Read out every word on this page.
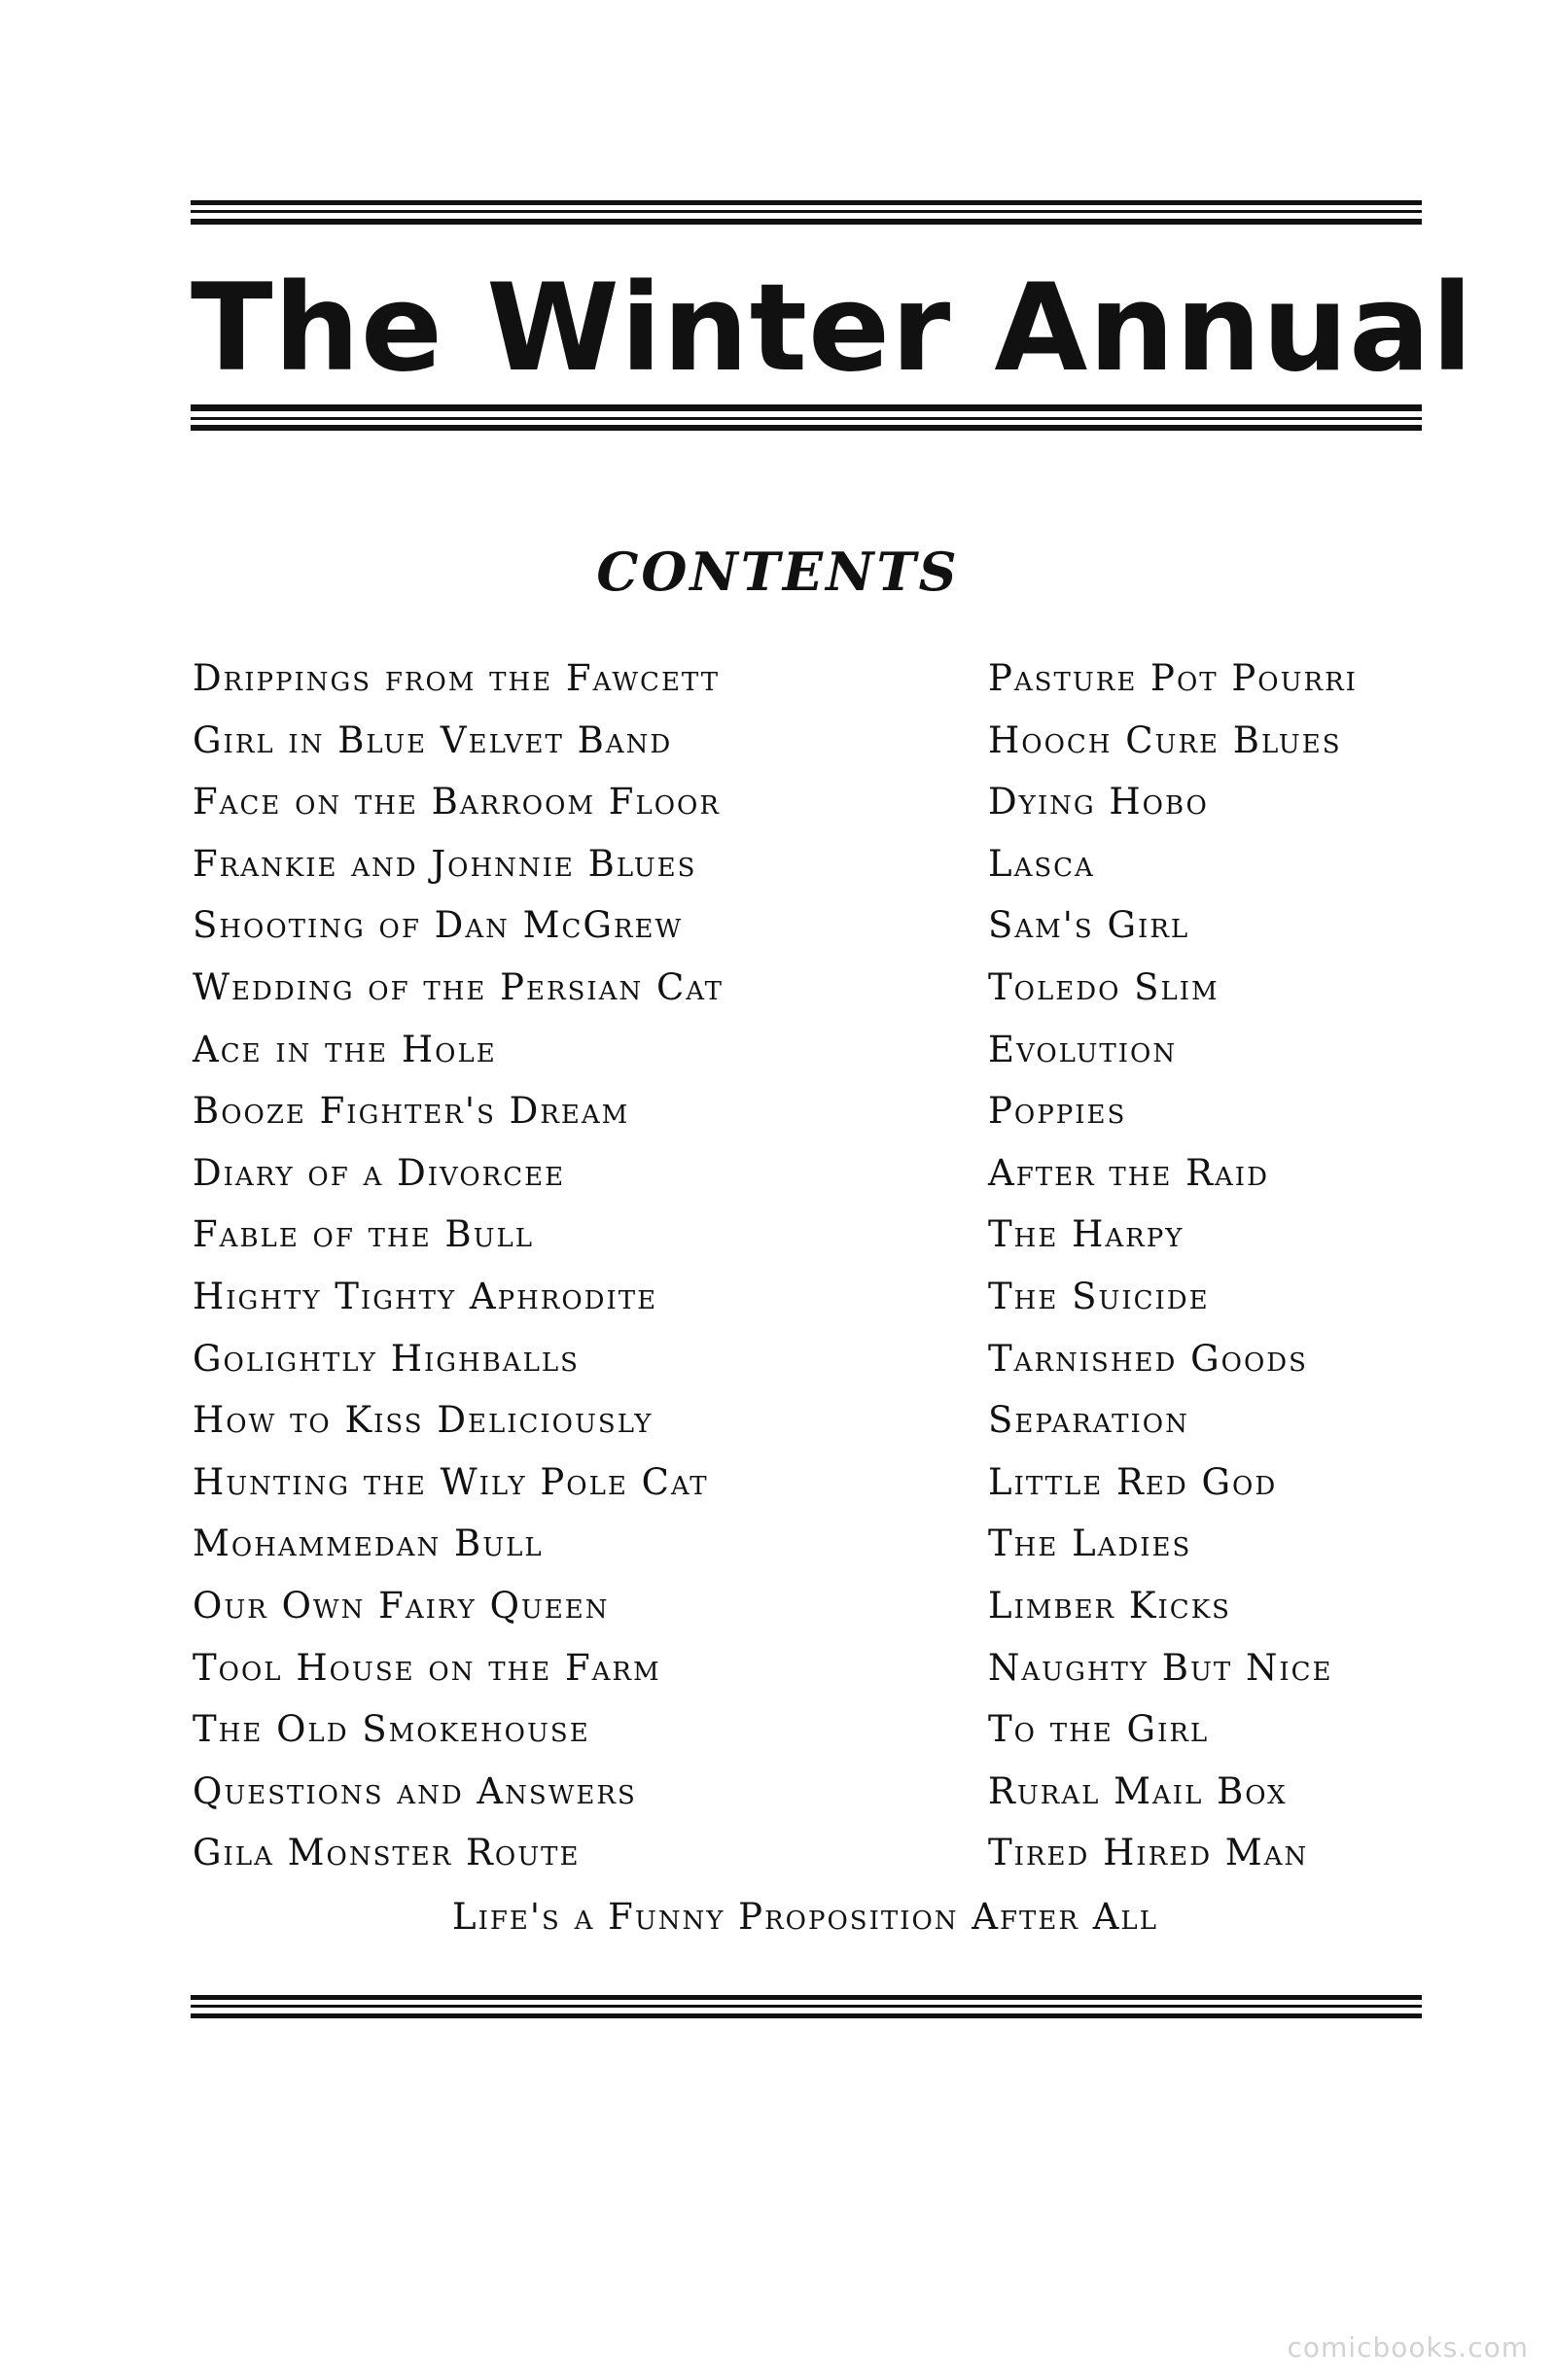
The Winter Annual
CONTENTS
Drippings from the Fawcett
Girl in Blue Velvet Band
Face on the Barroom Floor
Frankie and Johnnie Blues
Shooting of Dan McGrew
Wedding of the Persian Cat
Ace in the Hole
Booze Fighter's Dream
Diary of a Divorcee
Fable of the Bull
Highty Tighty Aphrodite
Golightly Highballs
How to Kiss Deliciously
Hunting the Wily Pole Cat
Mohammedan Bull
Our Own Fairy Queen
Tool House on the Farm
The Old Smokehouse
Questions and Answers
Gila Monster Route
Pasture Pot Pourri
Hooch Cure Blues
Dying Hobo
Lasca
Sam's Girl
Toledo Slim
Evolution
Poppies
After the Raid
The Harpy
The Suicide
Tarnished Goods
Separation
Little Red God
The Ladies
Limber Kicks
Naughty But Nice
To the Girl
Rural Mail Box
Tired Hired Man
Life's a Funny Proposition After All
comicbooks.com
